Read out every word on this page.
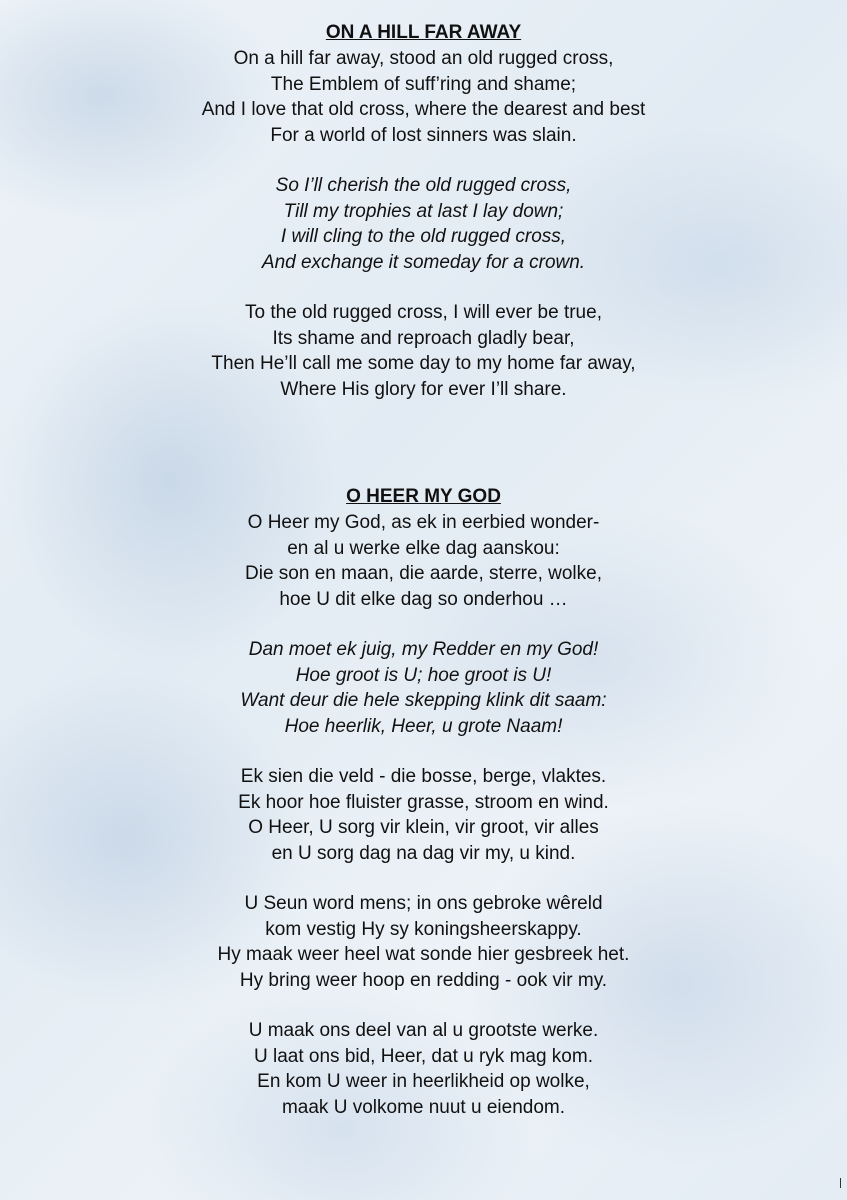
ON A HILL FAR AWAY
On a hill far away, stood an old rugged cross,
The Emblem of suff’ring and shame;
And I love that old cross, where the dearest and best
For a world of lost sinners was slain.
So I’ll cherish the old rugged cross,
Till my trophies at last I lay down;
I will cling to the old rugged cross,
And exchange it someday for a crown.
To the old rugged cross, I will ever be true,
Its shame and reproach gladly bear,
Then He’ll call me some day to my home far away,
Where His glory for ever I’ll share.
O HEER MY GOD
O Heer my God, as ek in eerbied wonder-
en al u werke elke dag aanskou:
Die son en maan, die aarde, sterre, wolke,
hoe U dit elke dag so onderhou …
Dan moet ek juig, my Redder en my God!
Hoe groot is U; hoe groot is U!
Want deur die hele skepping klink dit saam:
Hoe heerlik, Heer, u grote Naam!
Ek sien die veld - die bosse, berge, vlaktes.
Ek hoor hoe fluister grasse, stroom en wind.
O Heer, U sorg vir klein, vir groot, vir alles
en U sorg dag na dag vir my, u kind.
U Seun word mens; in ons gebroke wêreld
kom vestig Hy sy koningsheerskappy.
Hy maak weer heel wat sonde hier gesbreek het.
Hy bring weer hoop en redding - ook vir my.
U maak ons deel van al u grootste werke.
U laat ons bid, Heer, dat u ryk mag kom.
En kom U weer in heerlikheid op wolke,
maak U volkome nuut u eiendom.
